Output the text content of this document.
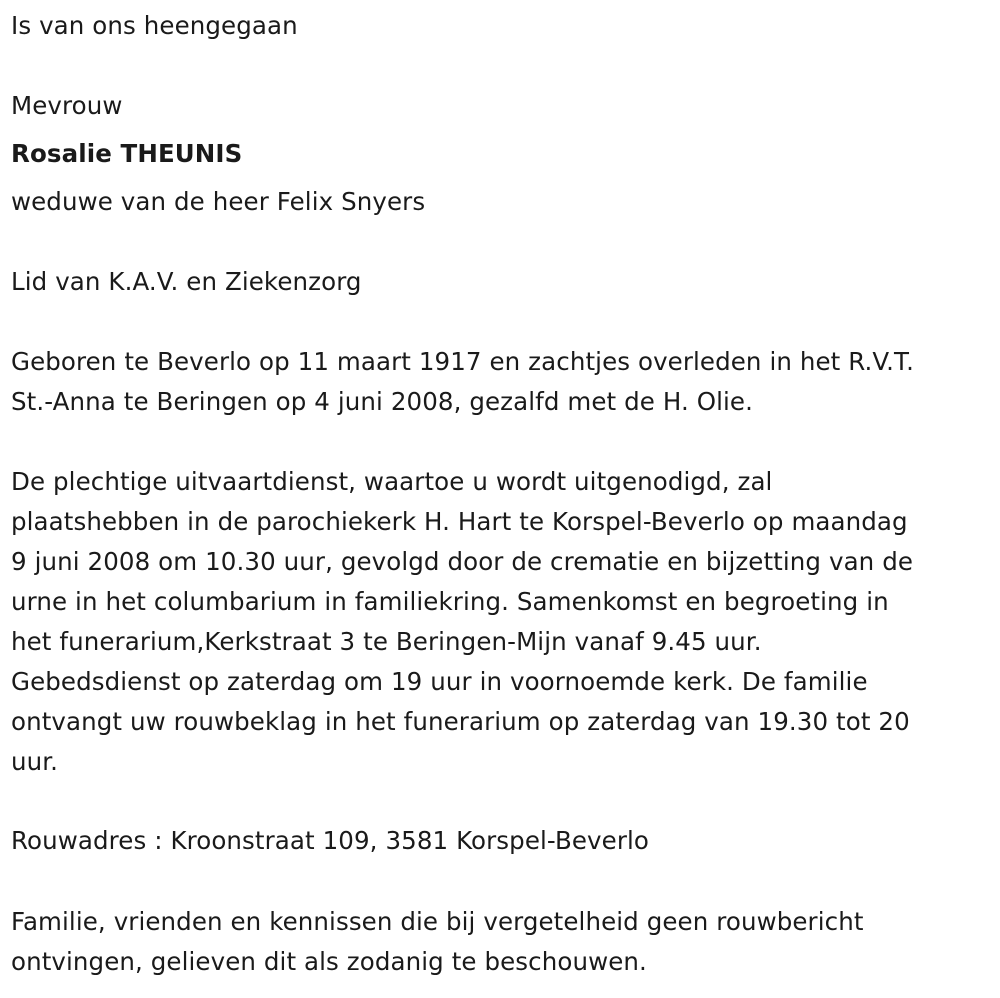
Is van ons heengegaan
Mevrouw
Rosalie THEUNIS
weduwe van de heer Felix Snyers
Lid van K.A.V. en Ziekenzorg
Geboren te Beverlo op 11 maart 1917 en zachtjes overleden in het R.V.T.
St.-Anna te Beringen op 4 juni 2008, gezalfd met de H. Olie.
De plechtige uitvaartdienst, waartoe u wordt uitgenodigd, zal
plaatshebben in de parochiekerk H. Hart te Korspel-Beverlo op maandag
9 juni 2008 om 10.30 uur, gevolgd door de crematie en bijzetting van de
urne in het columbarium in familiekring. Samenkomst en begroeting in
het funerarium,Kerkstraat 3 te Beringen-Mijn vanaf 9.45 uur.
Gebedsdienst op zaterdag om 19 uur in voornoemde kerk. De familie
ontvangt uw rouwbeklag in het funerarium op zaterdag van 19.30 tot 20
uur.
Rouwadres : Kroonstraat 109, 3581 Korspel-Beverlo
Familie, vrienden en kennissen die bij vergetelheid geen rouwbericht
ontvingen, gelieven dit als zodanig te beschouwen.
